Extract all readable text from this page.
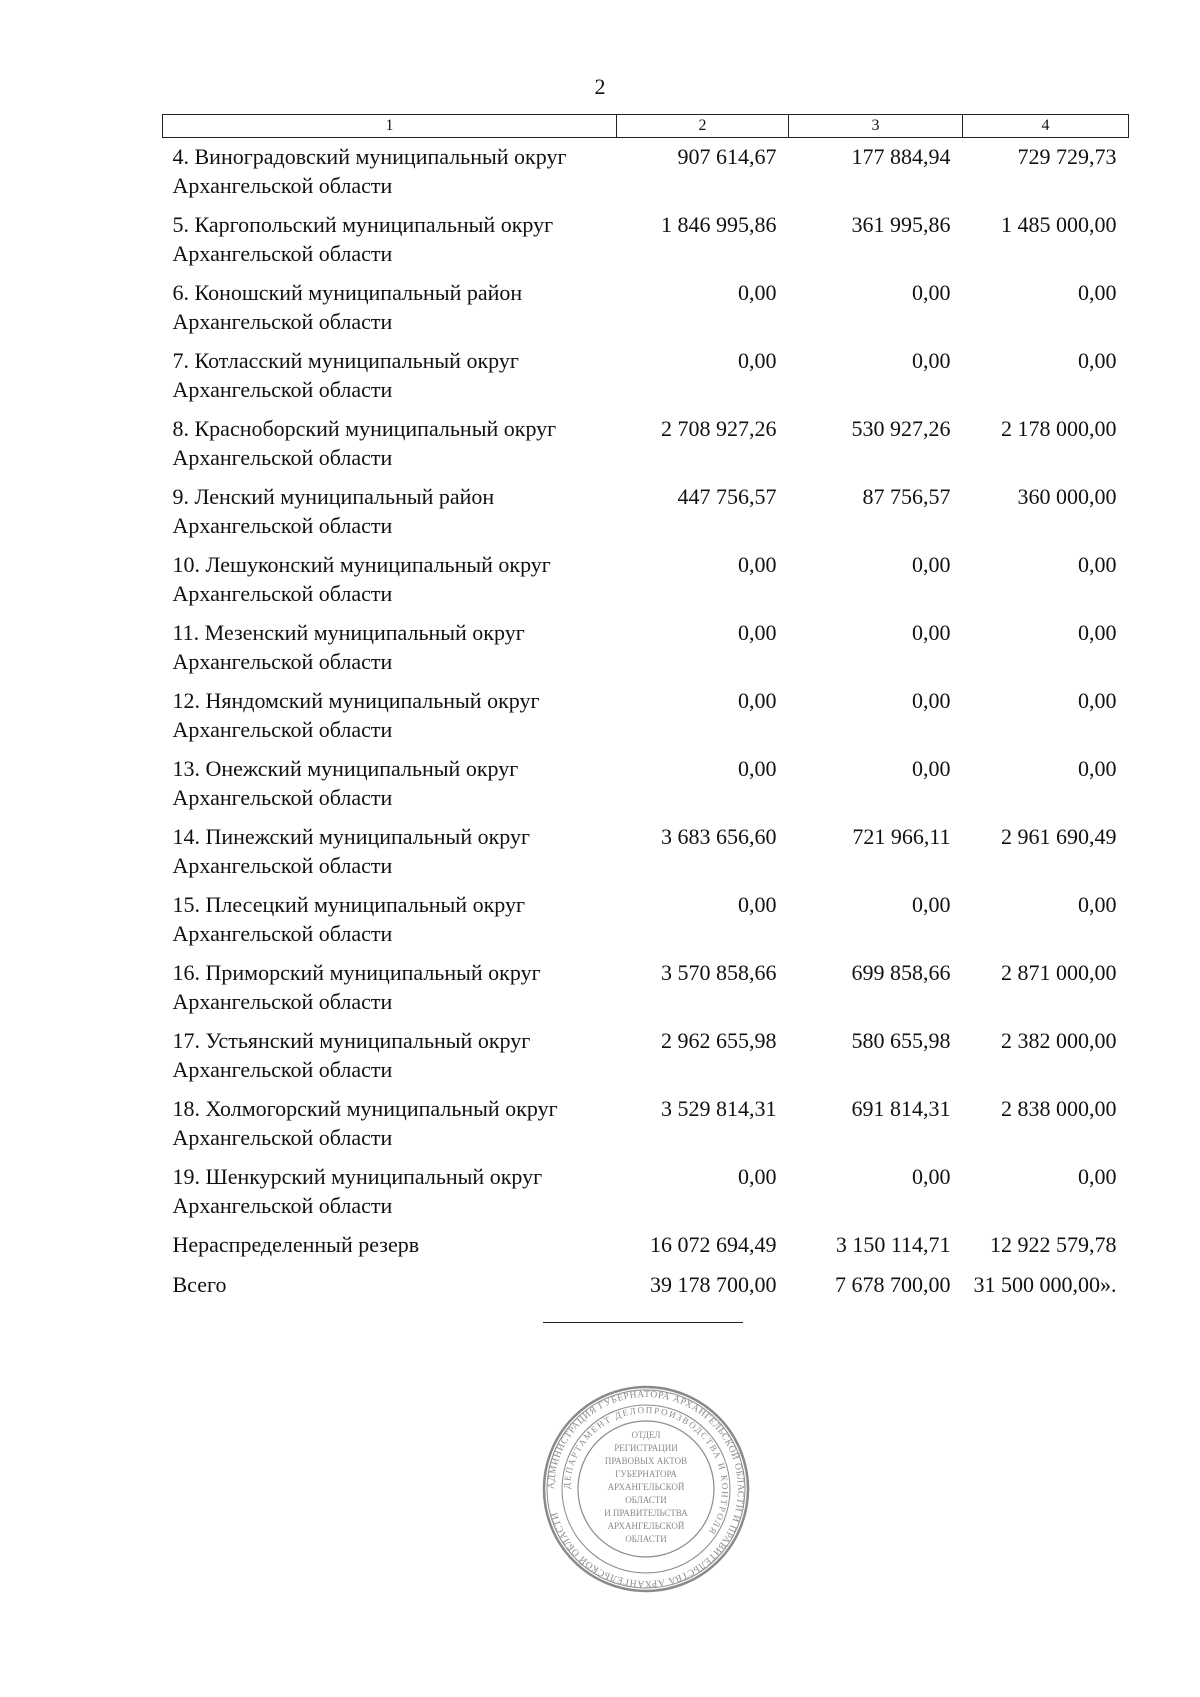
2
1	2	3	4
4. Виноградовский муниципальный округ Архангельской области	907 614,67	177 884,94	729 729,73
5. Каргопольский муниципальный округ Архангельской области	1 846 995,86	361 995,86	1 485 000,00
6. Коношский муниципальный район Архангельской области	0,00	0,00	0,00
7. Котласский муниципальный округ Архангельской области	0,00	0,00	0,00
8. Красноборский муниципальный округ Архангельской области	2 708 927,26	530 927,26	2 178 000,00
9. Ленский муниципальный район Архангельской области	447 756,57	87 756,57	360 000,00
10. Лешуконский муниципальный округ Архангельской области	0,00	0,00	0,00
11. Мезенский муниципальный округ Архангельской области	0,00	0,00	0,00
12. Няндомский муниципальный округ Архангельской области	0,00	0,00	0,00
13. Онежский муниципальный округ Архангельской области	0,00	0,00	0,00
14. Пинежский муниципальный округ Архангельской области	3 683 656,60	721 966,11	2 961 690,49
15. Плесецкий муниципальный округ Архангельской области	0,00	0,00	0,00
16. Приморский муниципальный округ Архангельской области	3 570 858,66	699 858,66	2 871 000,00
17. Устьянский муниципальный округ Архангельской области	2 962 655,98	580 655,98	2 382 000,00
18. Холмогорский муниципальный округ Архангельской области	3 529 814,31	691 814,31	2 838 000,00
19. Шенкурский муниципальный округ Архангельской области	0,00	0,00	0,00
Нераспределенный резерв	16 072 694,49	3 150 114,71	12 922 579,78
Всего	39 178 700,00	7 678 700,00	31 500 000,00».
АДМИНИСТРАЦИЯ ГУБЕРНАТОРА АРХАНГЕЛЬСКОЙ ОБЛАСТИ И ПРАВИТЕЛЬСТВА АРХАНГЕЛЬСКОЙ ОБЛАСТИ
ДЕПАРТАМЕНТ ДЕЛОПРОИЗВОДСТВА И КОНТРОЛЯ
ОТДЕЛ
РЕГИСТРАЦИИ
ПРАВОВЫХ АКТОВ
ГУБЕРНАТОРА
АРХАНГЕЛЬСКОЙ
ОБЛАСТИ
И ПРАВИТЕЛЬСТВА
АРХАНГЕЛЬСКОЙ
ОБЛАСТИ
